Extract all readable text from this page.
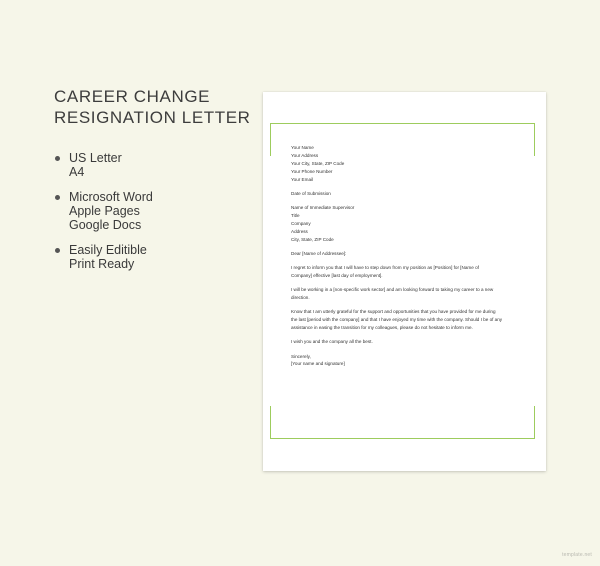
CAREER CHANGE
RESIGNATION LETTER
US Letter
A4
Microsoft Word
Apple Pages
Google Docs
Easily Editible
Print Ready
Your Name
Your Address
Your City, State, ZIP Code
Your Phone Number
Your Email
Date of Submission
Name of Immediate Supervisor
Title
Company
Address
City, State, ZIP Code
Dear [Name of Addressee]:
I regret to inform you that I will have to step down from my position as [Position] for [Name of
Company] effective [last day of employment].
I will be working in a [non-specific work sector] and am looking forward to taking my career to a new
direction.
Know that I am utterly grateful for the support and opportunities that you have provided for me during
the last [period with the company] and that I have enjoyed my time with the company. Should I be of any
assistance in easing the transition for my colleagues, please do not hesitate to inform me.
I wish you and the company all the best.
Sincerely,
[Your name and signature]
template.net
